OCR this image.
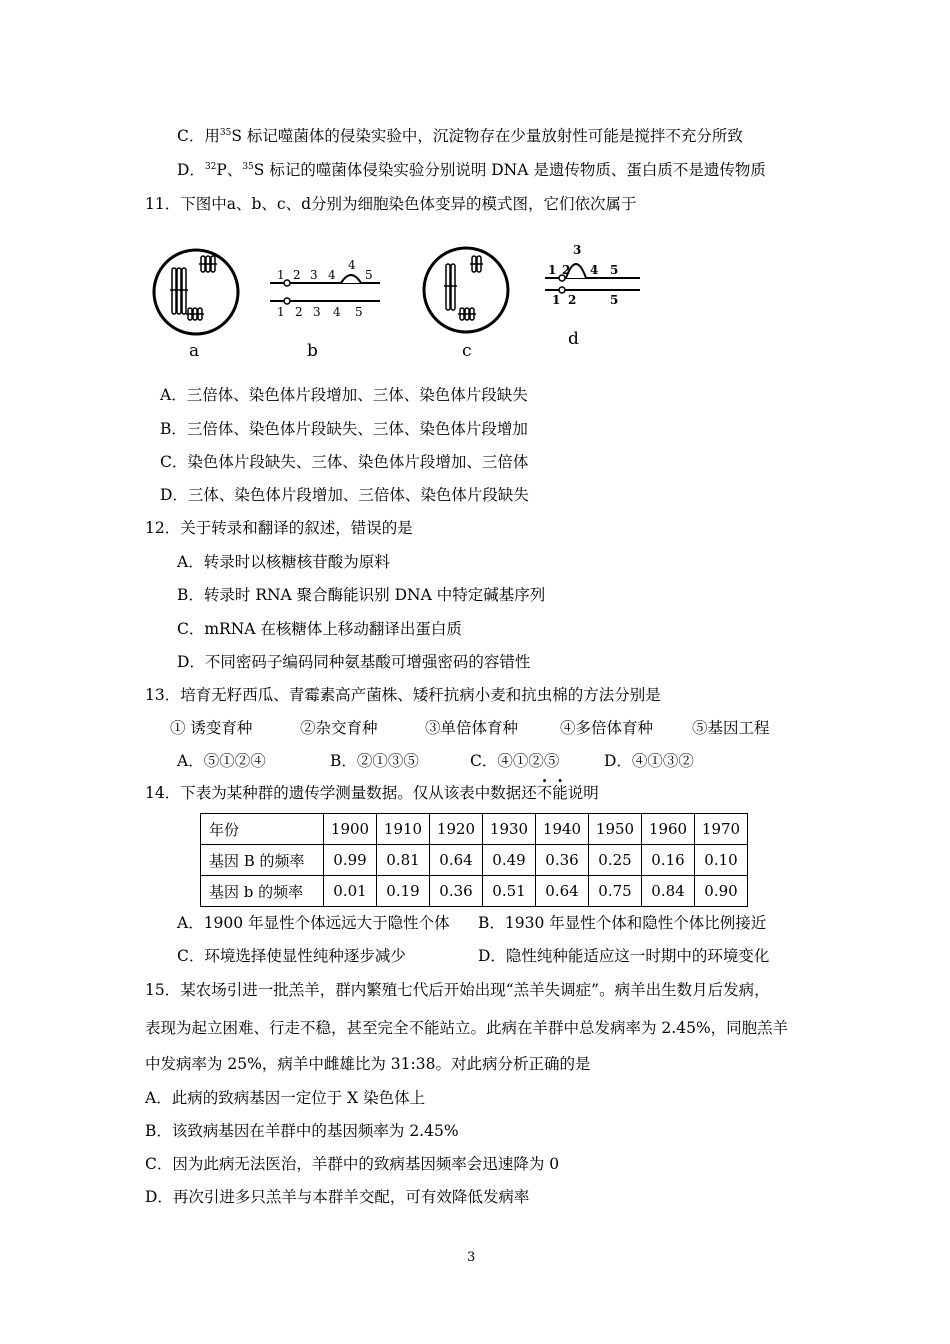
C．用$^{35}$S 标记噬菌体的侵染实验中，沉淀物存在少量放射性可能是搅拌不充分所致
D．$^{32}$P、$^{35}$S 标记的噬菌体侵染实验分别说明 DNA 是遗传物质、蛋白质不是遗传物质
11．下图中a、b、c、d分别为细胞染色体变异的模式图，它们依次属于
a
1 2 3 4
4
5
1 2 3 4 5
b	c
1 2
3
4 5
1 2	5
d
A．三倍体、染色体片段增加、三体、染色体片段缺失
B．三倍体、染色体片段缺失、三体、染色体片段增加
C．染色体片段缺失、三体、染色体片段增加、三倍体
D．三体、染色体片段增加、三倍体、染色体片段缺失
12．关于转录和翻译的叙述，错误的是
A．转录时以核糖核苷酸为原料
B．转录时 RNA 聚合酶能识别 DNA 中特定碱基序列
C．mRNA 在核糖体上移动翻译出蛋白质
D．不同密码子编码同种氨基酸可增强密码的容错性
13．培育无籽西瓜、青霉素高产菌株、矮秆抗病小麦和抗虫棉的方法分别是
① 诱变育种	②杂交育种	③单倍体育种	④多倍体育种	⑤基因工程
A．⑤①②④	B．②①③⑤	C．④①②⑤	D．④①③②
14．下表为某种群的遗传学测量数据。仅从该表中数据还不能说明
年份	1900	1910	1920	1930	1940	1950	1960	1970
基因 B 的频率	0.99	0.81	0.64	0.49	0.36	0.25	0.16	0.10
基因 b 的频率	0.01	0.19	0.36	0.51	0.64	0.75	0.84	0.90
A．1900 年显性个体远远大于隐性个体 B．1930 年显性个体和隐性个体比例接近
C．环境选择使显性纯种逐步减少	D．隐性纯种能适应这一时期中的环境变化
15．某农场引进一批羔羊，群内繁殖七代后开始出现“羔羊失调症”。病羊出生数月后发病，
表现为起立困难、行走不稳，甚至完全不能站立。此病在羊群中总发病率为 2.45%，同胞羔羊
中发病率为 25%，病羊中雌雄比为 31:38。对此病分析正确的是
A．此病的致病基因一定位于 X 染色体上
B．该致病基因在羊群中的基因频率为 2.45%
C．因为此病无法医治，羊群中的致病基因频率会迅速降为 0
D．再次引进多只羔羊与本群羊交配，可有效降低发病率
3
